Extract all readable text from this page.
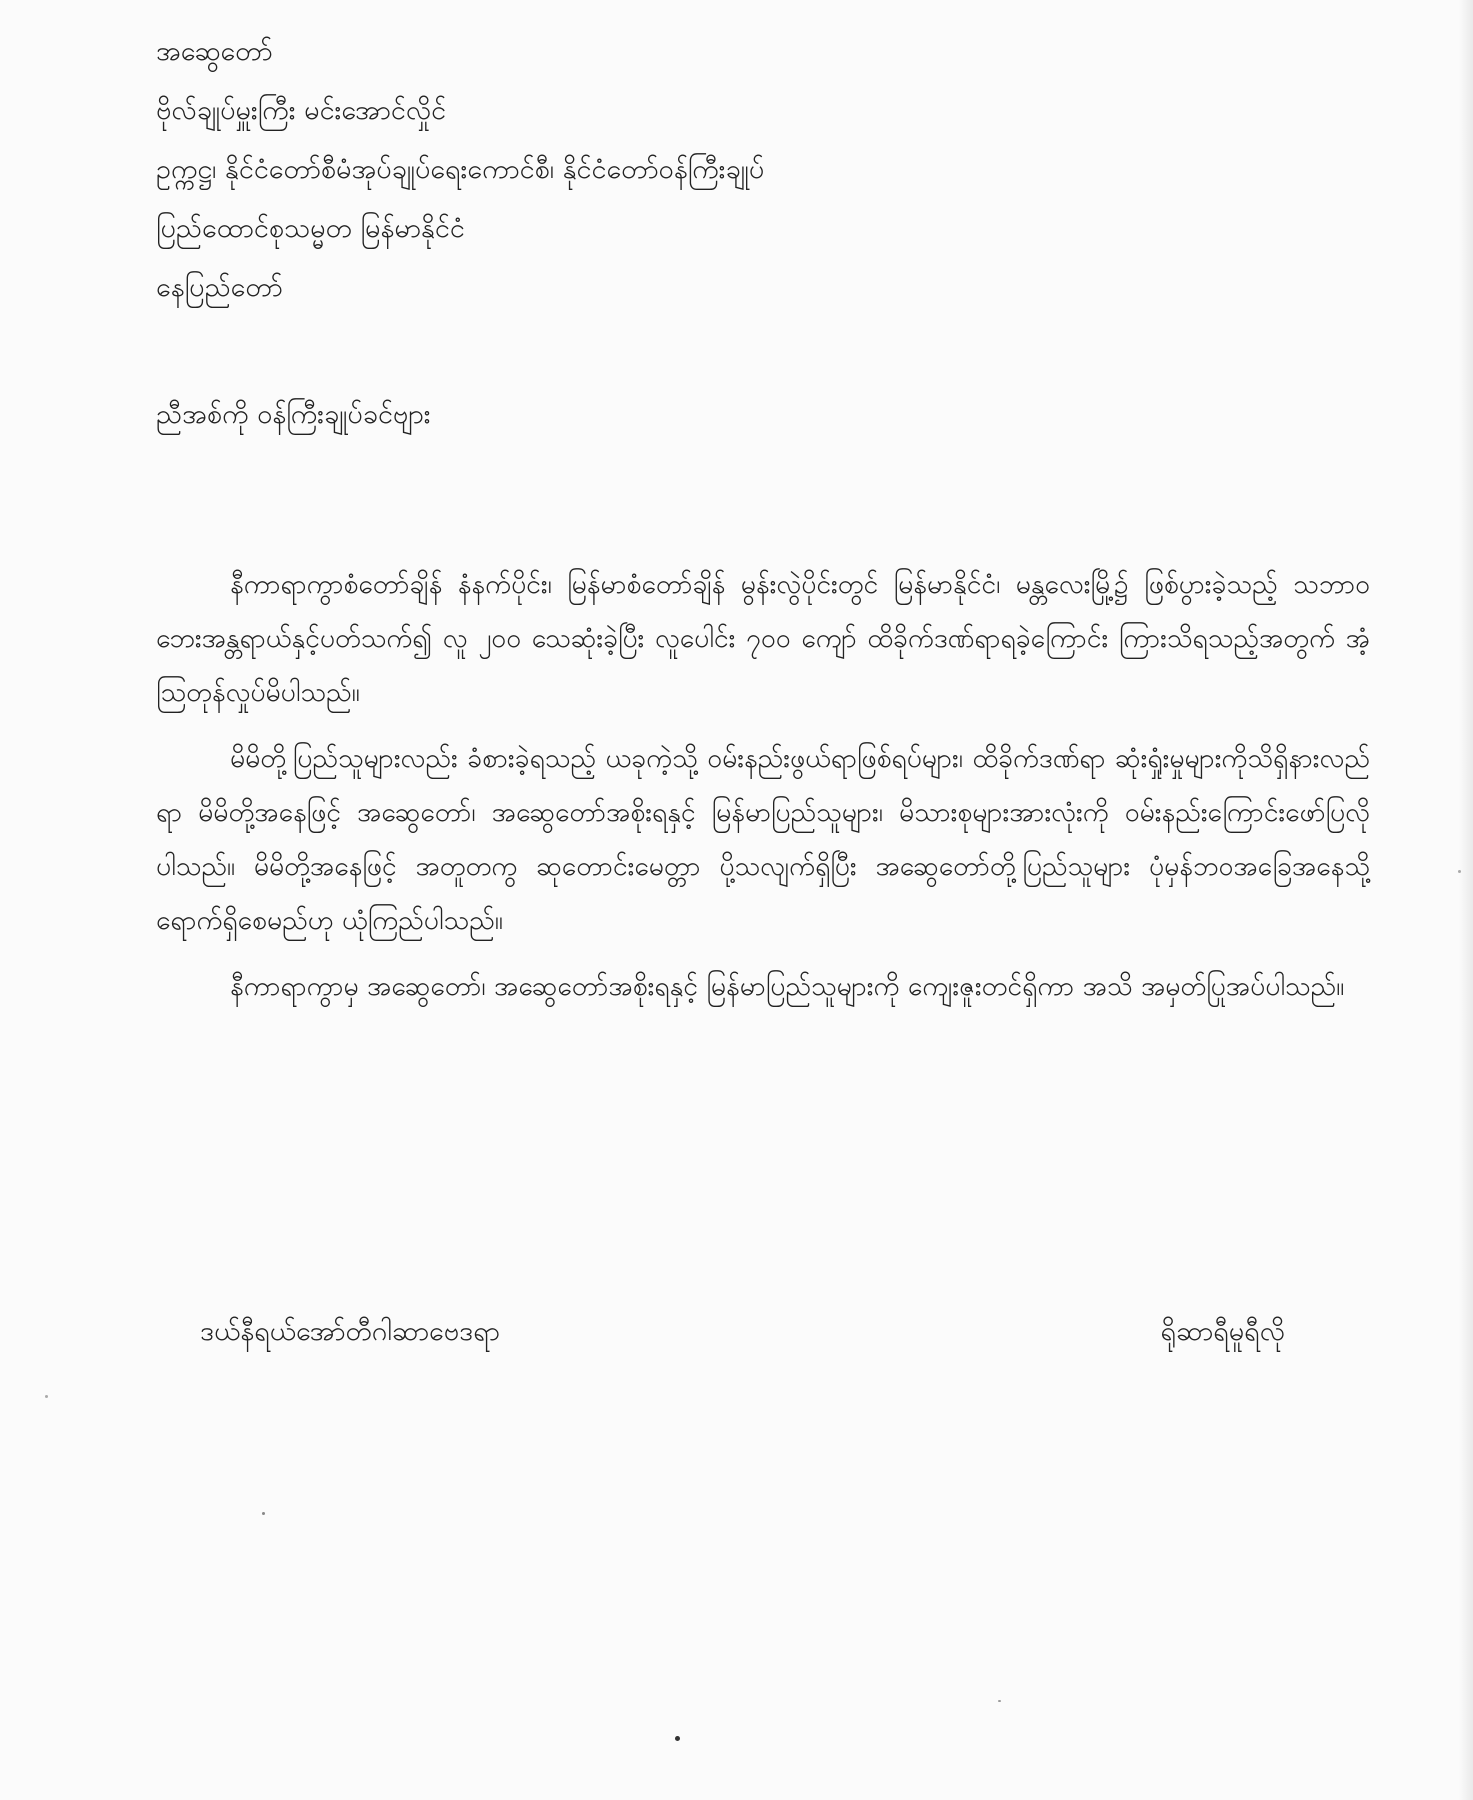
အဆွေတော်
ဗိုလ်ချုပ်မှူးကြီး မင်းအောင်လှိုင်
ဥက္ကဋ္ဌ၊ နိုင်ငံတော်စီမံအုပ်ချုပ်ရေးကောင်စီ၊ နိုင်ငံတော်ဝန်ကြီးချုပ်
ပြည်ထောင်စုသမ္မတ မြန်မာနိုင်ငံ
နေပြည်တော်
ညီအစ်ကို ဝန်ကြီးချုပ်ခင်ဗျား

နီကာရာကွာစံတော်ချိန် နံနက်ပိုင်း၊ မြန်မာစံတော်ချိန် မွန်းလွဲပိုင်းတွင် မြန်မာနိုင်ငံ၊ မန္တလေးမြို့၌ ဖြစ်ပွားခဲ့သည့် သဘာဝဘေးအန္တရာယ်နှင့်ပတ်သက်၍ လူ ၂၀၀ သေဆုံးခဲ့ပြီး လူပေါင်း ၇၀၀ ကျော် ထိခိုက်ဒဏ်ရာရခဲ့ကြောင်း ကြားသိရသည့်အတွက် အံ့သြတုန်လှုပ်မိပါသည်။

မိမိတို့ပြည်သူများလည်း ခံစားခဲ့ရသည့် ယခုကဲ့သို့ ဝမ်းနည်းဖွယ်ရာဖြစ်ရပ်များ၊ ထိခိုက်ဒဏ်ရာ ဆုံးရှုံးမှုများကိုသိရှိနားလည်ရာ မိမိတို့အနေဖြင့် အဆွေတော်၊ အဆွေတော်အစိုးရနှင့် မြန်မာပြည်သူများ၊ မိသားစုများအားလုံးကို ဝမ်းနည်းကြောင်းဖော်ပြလိုပါသည်။ မိမိတို့အနေဖြင့် အတူတကွ ဆုတောင်းမေတ္တာ ပို့သလျက်ရှိပြီး အဆွေတော်တို့ပြည်သူများ ပုံမှန်ဘဝအခြေအနေသို့ ရောက်ရှိစေမည်ဟု ယုံကြည်ပါသည်။

နီကာရာကွာမှ အဆွေတော်၊ အဆွေတော်အစိုးရနှင့် မြန်မာပြည်သူများကို ကျေးဇူးတင်ရှိကာ အသိ အမှတ်ပြုအပ်ပါသည်။

ဒယ်နီရယ်အော်တီဂါဆာဗေဒရာ	ရိုဆာရီမူရီလို
